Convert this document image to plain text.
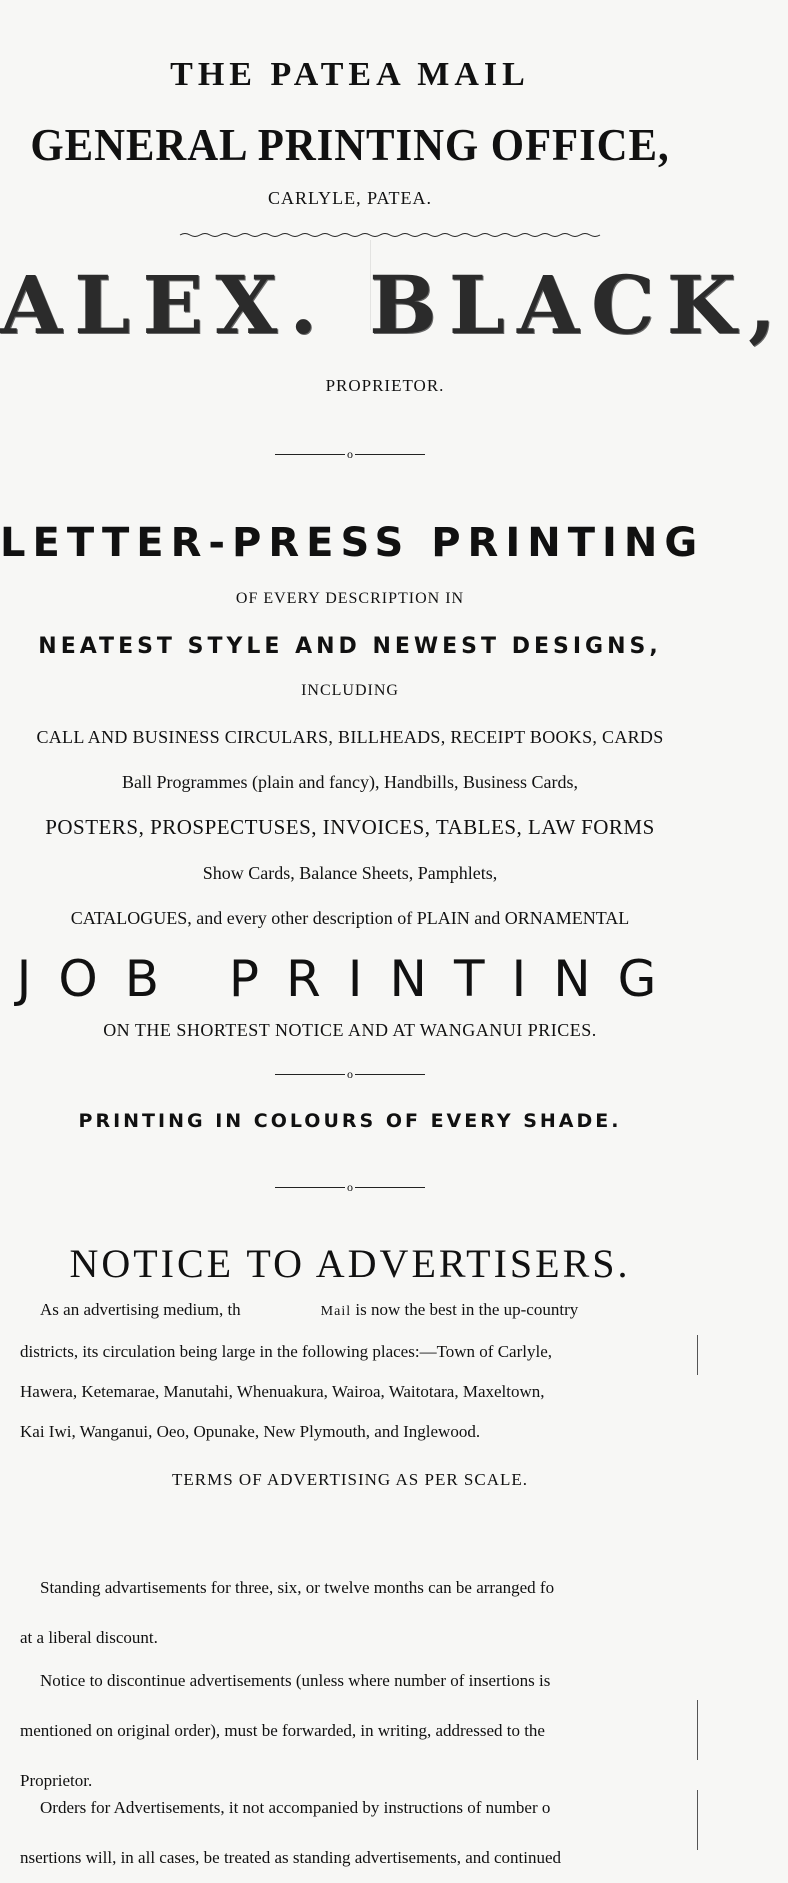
THE PATEA MAIL
GENERAL PRINTING OFFICE,
CARLYLE, PATEA.
ALEX. BLACK,
PROPRIETOR.
o
LETTER-PRESS PRINTING
OF EVERY DESCRIPTION IN
NEATEST STYLE AND NEWEST DESIGNS,
INCLUDING
CALL AND BUSINESS CIRCULARS, BILLHEADS, RECEIPT BOOKS, CARDS
Ball Programmes (plain and fancy), Handbills, Business Cards,
POSTERS, PROSPECTUSES, INVOICES, TABLES, LAW FORMS
Show Cards, Balance Sheets, Pamphlets,
CATALOGUES, and every other description of PLAIN and ORNAMENTAL
JOB PRINTING
ON THE SHORTEST NOTICE AND AT WANGANUI PRICES.
o
PRINTING IN COLOURS OF EVERY SHADE.
o
NOTICE TO ADVERTISERS.
As an advertising medium, th	Mail is now the best in the up-country
districts, its circulation being large in the following places:—Town of Carlyle,
Hawera, Ketemarae, Manutahi, Whenuakura, Wairoa, Waitotara, Maxeltown,
Kai Iwi, Wanganui, Oeo, Opunake, New Plymouth, and Inglewood.
TERMS OF ADVERTISING AS PER SCALE.
Standing advartisements for three, six, or twelve months can be arranged fo
at a liberal discount.
Notice to discontinue advertisements (unless where number of insertions is
mentioned on original order), must be forwarded, in writing, addressed to the
Proprietor.
Orders for Advertisements, it not accompanied by instructions of number o
nsertions will, in all cases, be treated as standing advertisements, and continued
